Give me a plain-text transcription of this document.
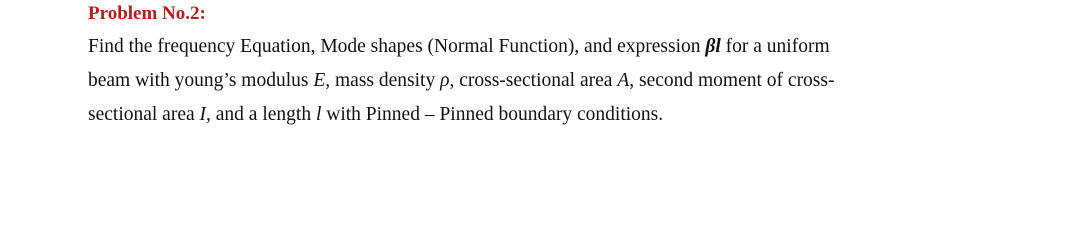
Problem No.2:
Find the frequency Equation, Mode shapes (Normal Function), and expression βl for a uniform
beam with young’s modulus E, mass density ρ, cross-sectional area A, second moment of cross-
sectional area I, and a length l with Pinned – Pinned boundary conditions.
